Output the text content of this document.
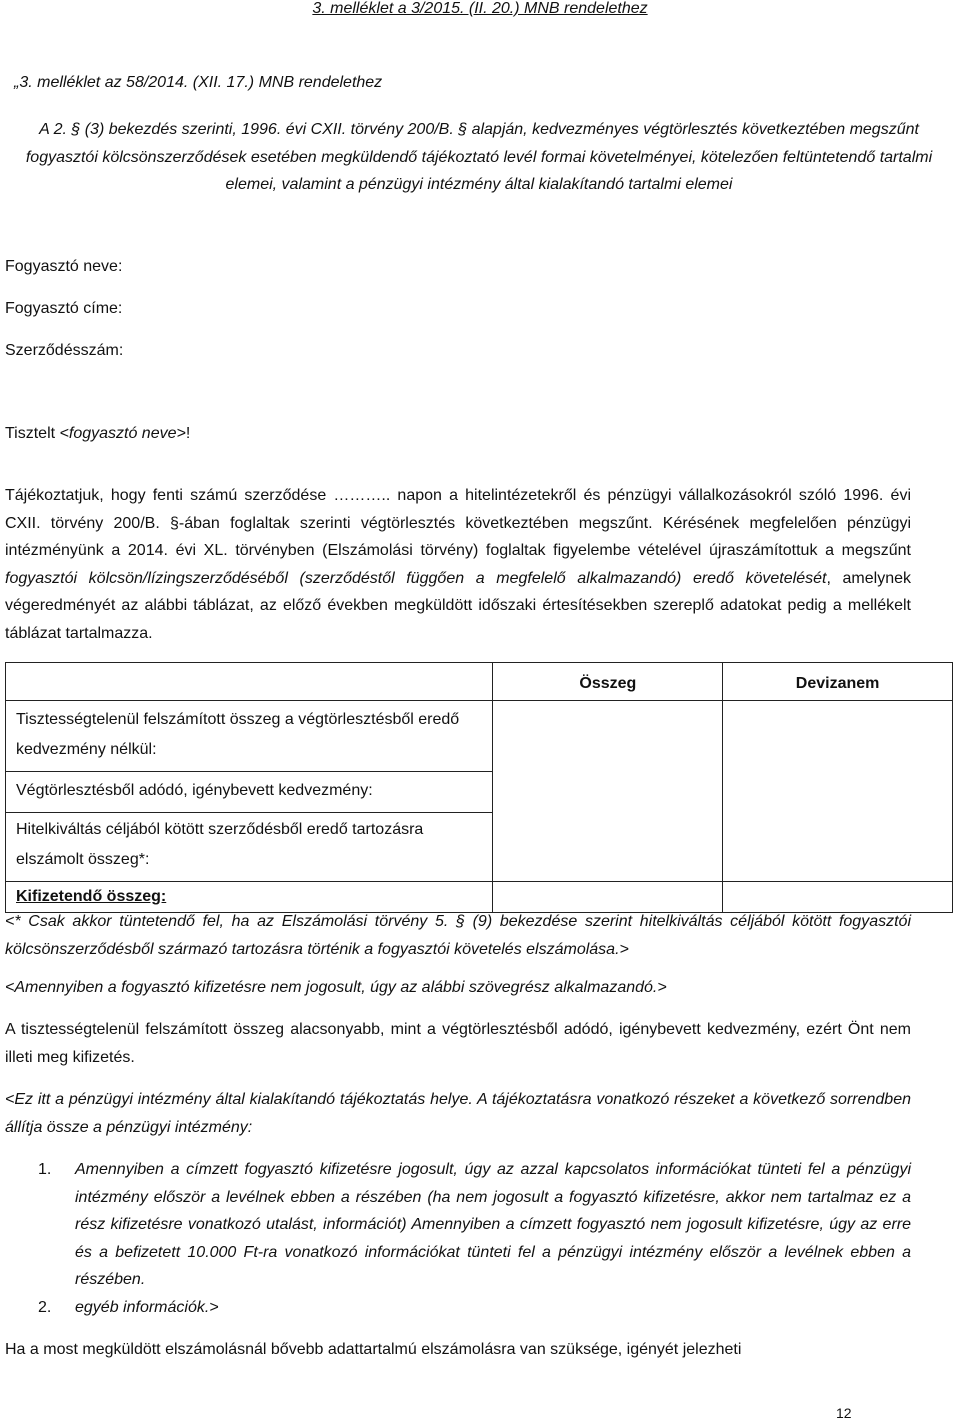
3. melléklet a 3/2015. (II. 20.) MNB rendelethez
„3. melléklet az 58/2014. (XII. 17.) MNB rendelethez
A 2. § (3) bekezdés szerinti, 1996. évi CXII. törvény 200/B. § alapján, kedvezményes végtörlesztés következtében megszűnt fogyasztói kölcsönszerződések esetében megküldendő tájékoztató levél formai követelményei, kötelezően feltüntetendő tartalmi elemei, valamint a pénzügyi intézmény által kialakítandó tartalmi elemei
Fogyasztó neve:
Fogyasztó címe:
Szerződésszám:
Tisztelt <fogyasztó neve>!
Tájékoztatjuk, hogy fenti számú szerződése ……….. napon a hitelintézetekről és pénzügyi vállalkozásokról szóló 1996. évi CXII. törvény 200/B. §-ában foglaltak szerinti végtörlesztés következtében megszűnt. Kérésének megfelelően pénzügyi intézményünk a 2014. évi XL. törvényben (Elszámolási törvény) foglaltak figyelembe vételével újraszámítottuk a megszűnt fogyasztói kölcsön/lízingszerződéséből (szerződéstől függően a megfelelő alkalmazandó) eredő követelését, amelynek végeredményét az alábbi táblázat, az előző években megküldött időszaki értesítésekben szereplő adatokat pedig a mellékelt táblázat tartalmazza.
	Összeg	Devizanem
Tisztességtelenül felszámított összeg a végtörlesztésből eredő kedvezmény nélkül:		
Végtörlesztésből adódó, igénybevett kedvezmény:		
Hitelkiváltás céljából kötött szerződésből eredő tartozásra elszámolt összeg*:		
Kifizetendő összeg:		
<* Csak akkor tüntetendő fel, ha az Elszámolási törvény 5. § (9) bekezdése szerint hitelkiváltás céljából kötött fogyasztói kölcsönszerződésből származó tartozásra történik a fogyasztói követelés elszámolása.>
<Amennyiben a fogyasztó kifizetésre nem jogosult, úgy az alábbi szövegrész alkalmazandó.>
A tisztességtelenül felszámított összeg alacsonyabb, mint a végtörlesztésből adódó, igénybevett kedvezmény, ezért Önt nem illeti meg kifizetés.
<Ez itt a pénzügyi intézmény által kialakítandó tájékoztatás helye. A tájékoztatásra vonatkozó részeket a következő sorrendben állítja össze a pénzügyi intézmény:
1. Amennyiben a címzett fogyasztó kifizetésre jogosult, úgy az azzal kapcsolatos információkat tünteti fel a pénzügyi intézmény először a levélnek ebben a részében (ha nem jogosult a fogyasztó kifizetésre, akkor nem tartalmaz ez a rész kifizetésre vonatkozó utalást, információt) Amennyiben a címzett fogyasztó nem jogosult kifizetésre, úgy az erre és a befizetett 10.000 Ft-ra vonatkozó információkat tünteti fel a pénzügyi intézmény először a levélnek ebben a részében.
2. egyéb információk.>
Ha a most megküldött elszámolásnál bővebb adattartalmú elszámolásra van szüksége, igényét jelezheti
12
